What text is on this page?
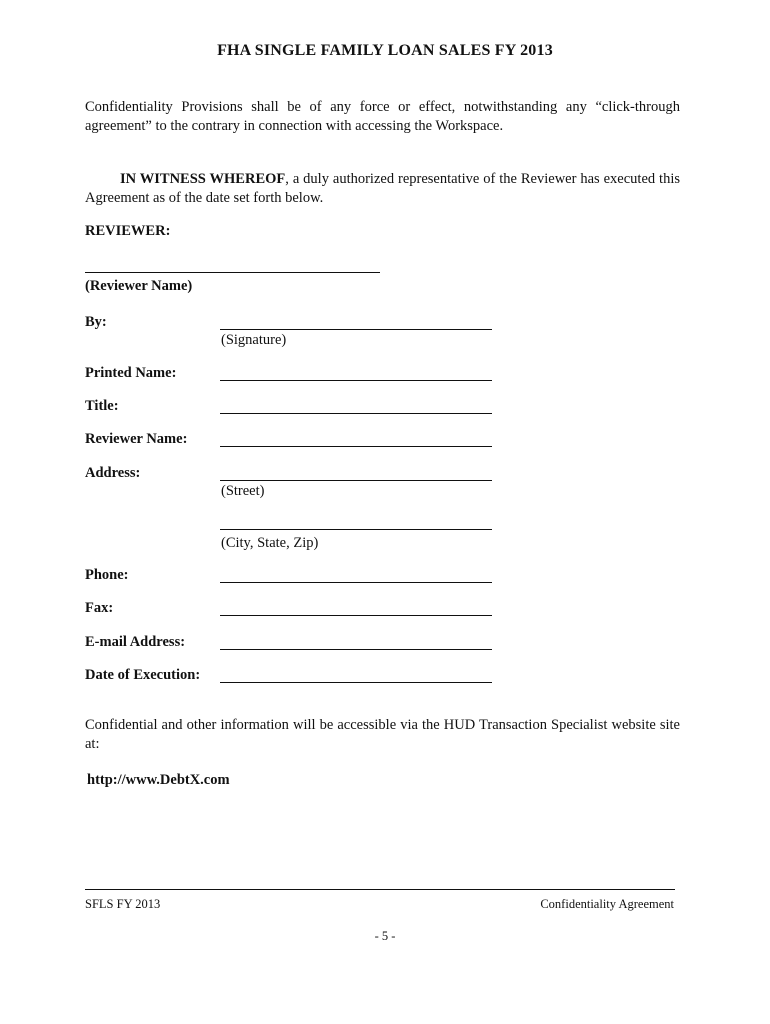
FHA SINGLE FAMILY LOAN SALES FY 2013
Confidentiality Provisions shall be of any force or effect, notwithstanding any “click-through agreement” to the contrary in connection with accessing the Workspace.
IN WITNESS WHEREOF, a duly authorized representative of the Reviewer has executed this Agreement as of the date set forth below.
REVIEWER:
(Reviewer Name)
By:
(Signature)
Printed Name:
Title:
Reviewer Name:
Address:
(Street)
(City, State, Zip)
Phone:
Fax:
E-mail Address:
Date of Execution:
Confidential and other information will be accessible via the HUD Transaction Specialist website site at:
http://www.DebtX.com
SFLS FY 2013	Confidentiality Agreement
- 5 -
